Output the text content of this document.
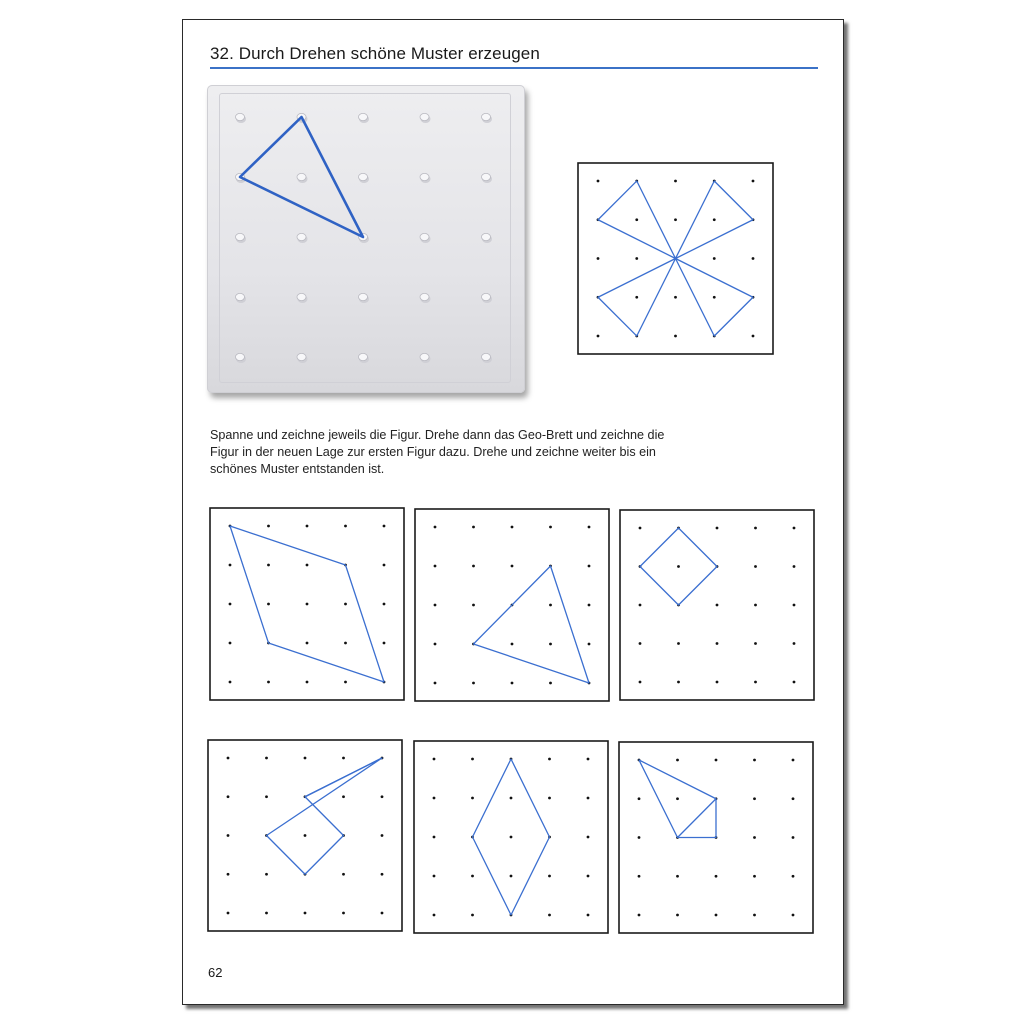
32. Durch Drehen schöne Muster erzeugen
Spanne und zeichne jeweils die Figur. Drehe dann das Geo-Brett und zeichne die
Figur in der neuen Lage zur ersten Figur dazu. Drehe und zeichne weiter bis ein
schönes Muster entstanden ist.
62
